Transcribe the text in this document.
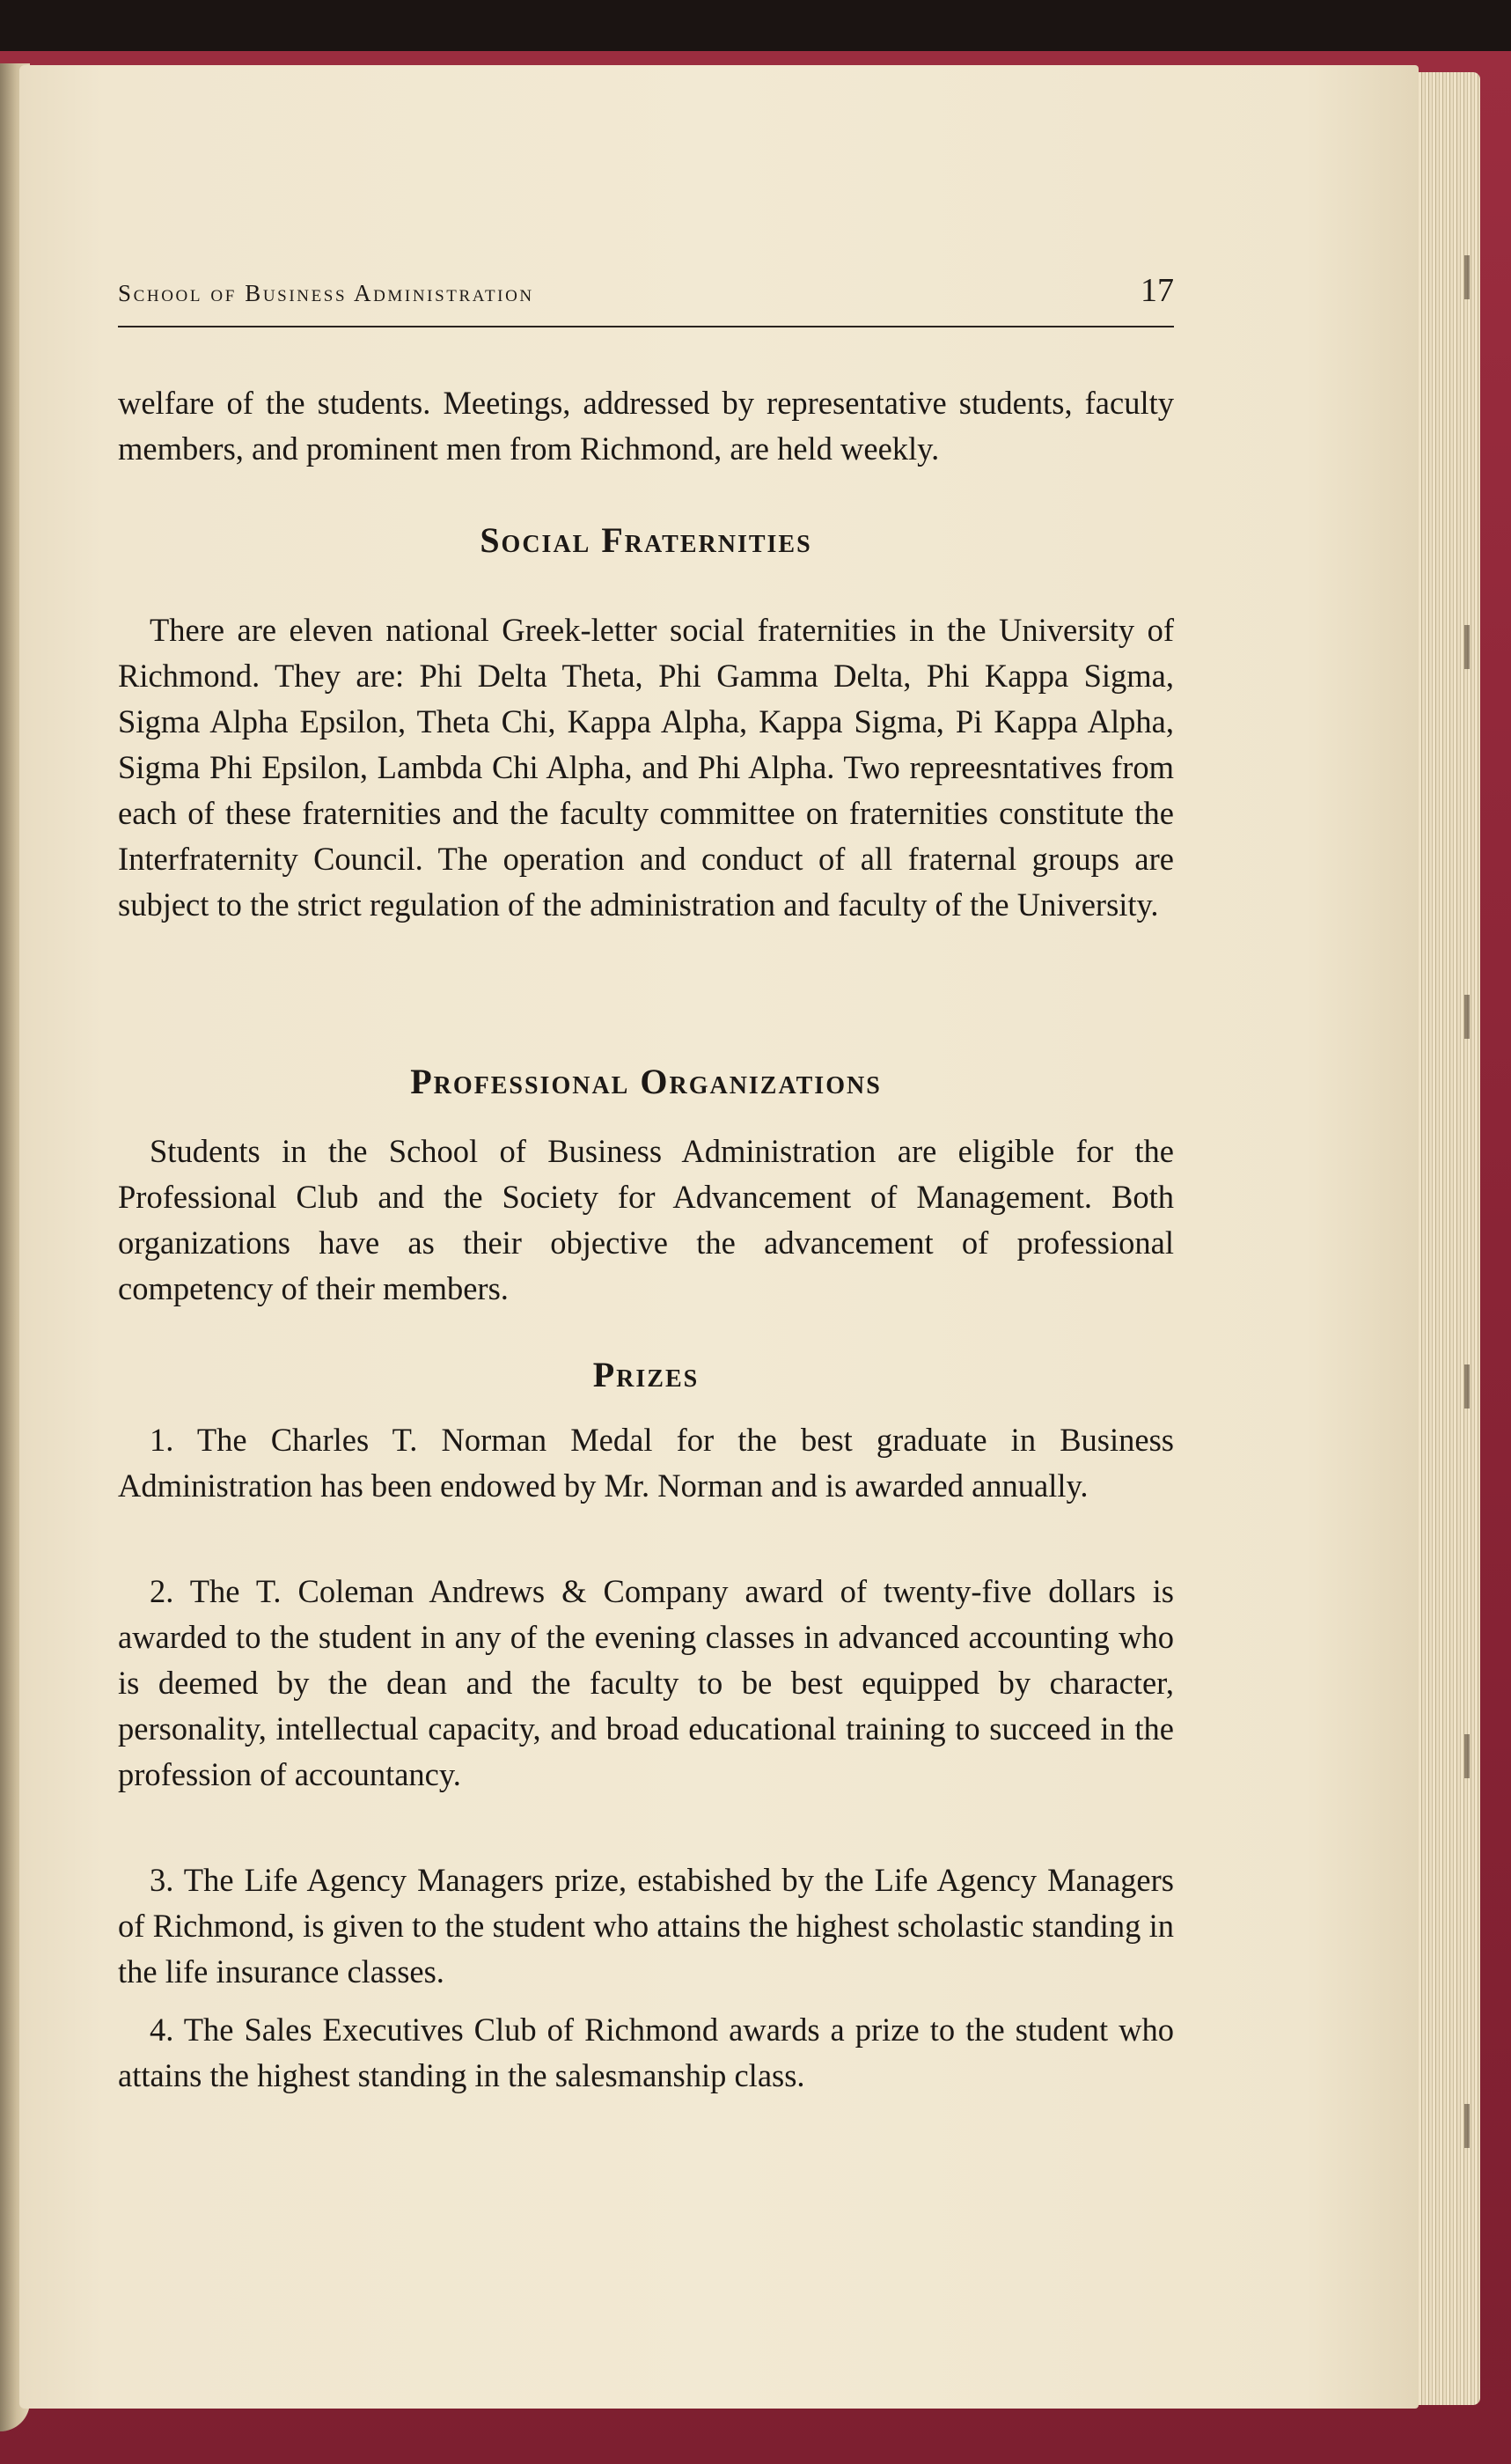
School of Business Administration	17

welfare of the students. Meetings, addressed by representative students, faculty members, and prominent men from Richmond, are held weekly.

Social Fraternities

There are eleven national Greek-letter social fraternities in the University of Richmond. They are: Phi Delta Theta, Phi Gamma Delta, Phi Kappa Sigma, Sigma Alpha Epsilon, Theta Chi, Kappa Alpha, Kappa Sigma, Pi Kappa Alpha, Sigma Phi Epsilon, Lambda Chi Alpha, and Phi Alpha. Two repreesntatives from each of these fraternities and the faculty committee on fraternities constitute the Interfraternity Council. The operation and conduct of all fraternal groups are subject to the strict regulation of the administration and faculty of the University.

Professional Organizations

Students in the School of Business Administration are eligible for the Professional Club and the Society for Advancement of Management. Both organizations have as their objective the advancement of professional competency of their members.

Prizes

1. The Charles T. Norman Medal for the best graduate in Business Administration has been endowed by Mr. Norman and is awarded annually.

2. The T. Coleman Andrews & Company award of twenty-five dollars is awarded to the student in any of the evening classes in advanced accounting who is deemed by the dean and the faculty to be best equipped by character, personality, intellectual capacity, and broad educational training to succeed in the profession of accountancy.

3. The Life Agency Managers prize, estabished by the Life Agency Managers of Richmond, is given to the student who attains the highest scholastic standing in the life insurance classes.

4. The Sales Executives Club of Richmond awards a prize to the student who attains the highest standing in the salesmanship class.
